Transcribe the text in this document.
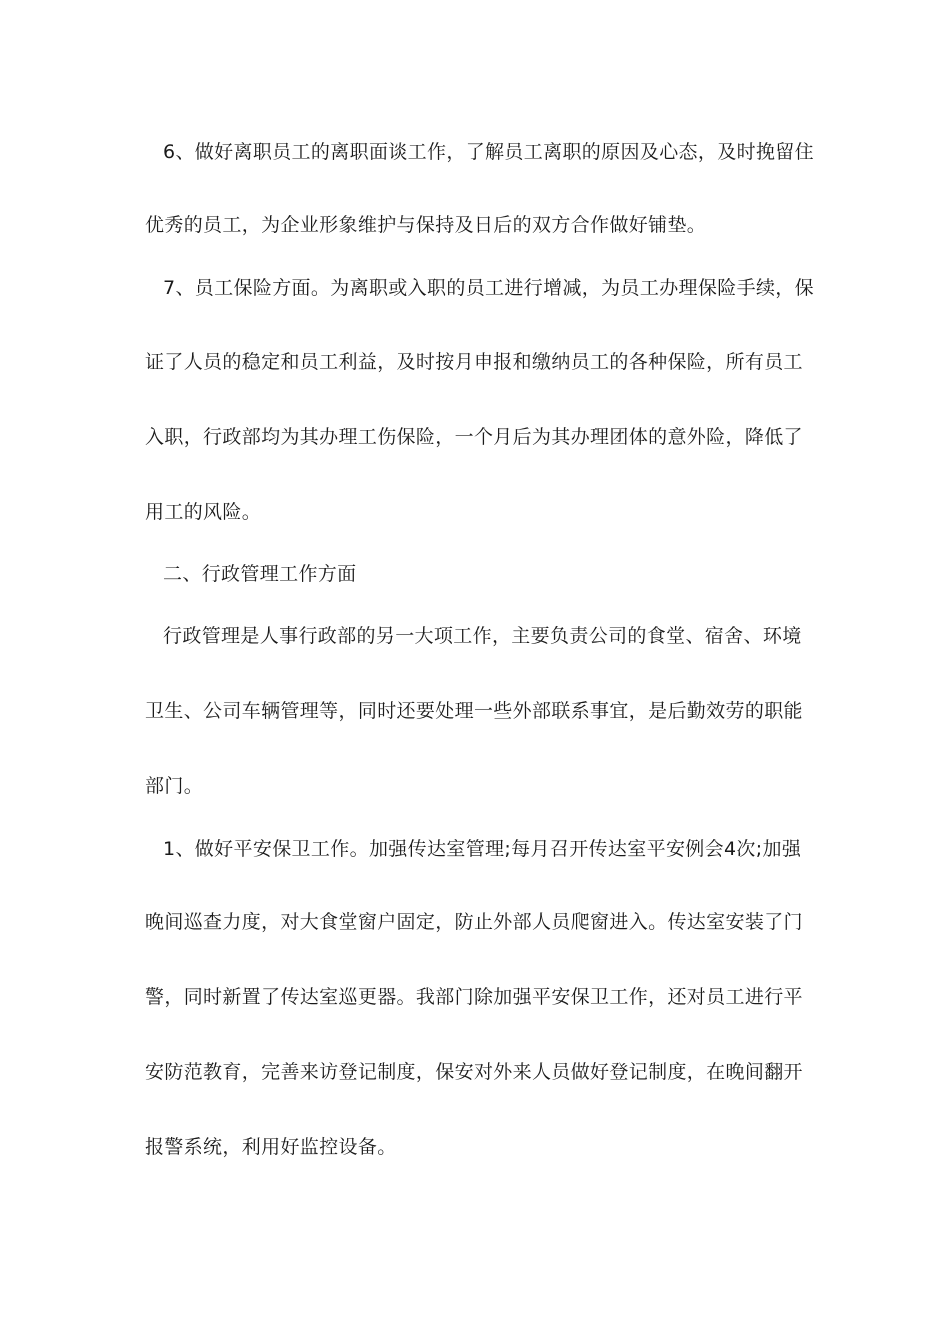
6、做好离职员工的离职面谈工作，了解员工离职的原因及心态，及时挽留住
优秀的员工，为企业形象维护与保持及日后的双方合作做好铺垫。
7、员工保险方面。为离职或入职的员工进行增减，为员工办理保险手续，保
证了人员的稳定和员工利益，及时按月申报和缴纳员工的各种保险，所有员工
入职，行政部均为其办理工伤保险，一个月后为其办理团体的意外险，降低了
用工的风险。
二、行政管理工作方面
行政管理是人事行政部的另一大项工作，主要负责公司的食堂、宿舍、环境
卫生、公司车辆管理等，同时还要处理一些外部联系事宜，是后勤效劳的职能
部门。
1、做好平安保卫工作。加强传达室管理;每月召开传达室平安例会4次;加强
晚间巡查力度，对大食堂窗户固定，防止外部人员爬窗进入。传达室安装了门
警，同时新置了传达室巡更器。我部门除加强平安保卫工作，还对员工进行平
安防范教育，完善来访登记制度，保安对外来人员做好登记制度，在晚间翻开
报警系统，利用好监控设备。
